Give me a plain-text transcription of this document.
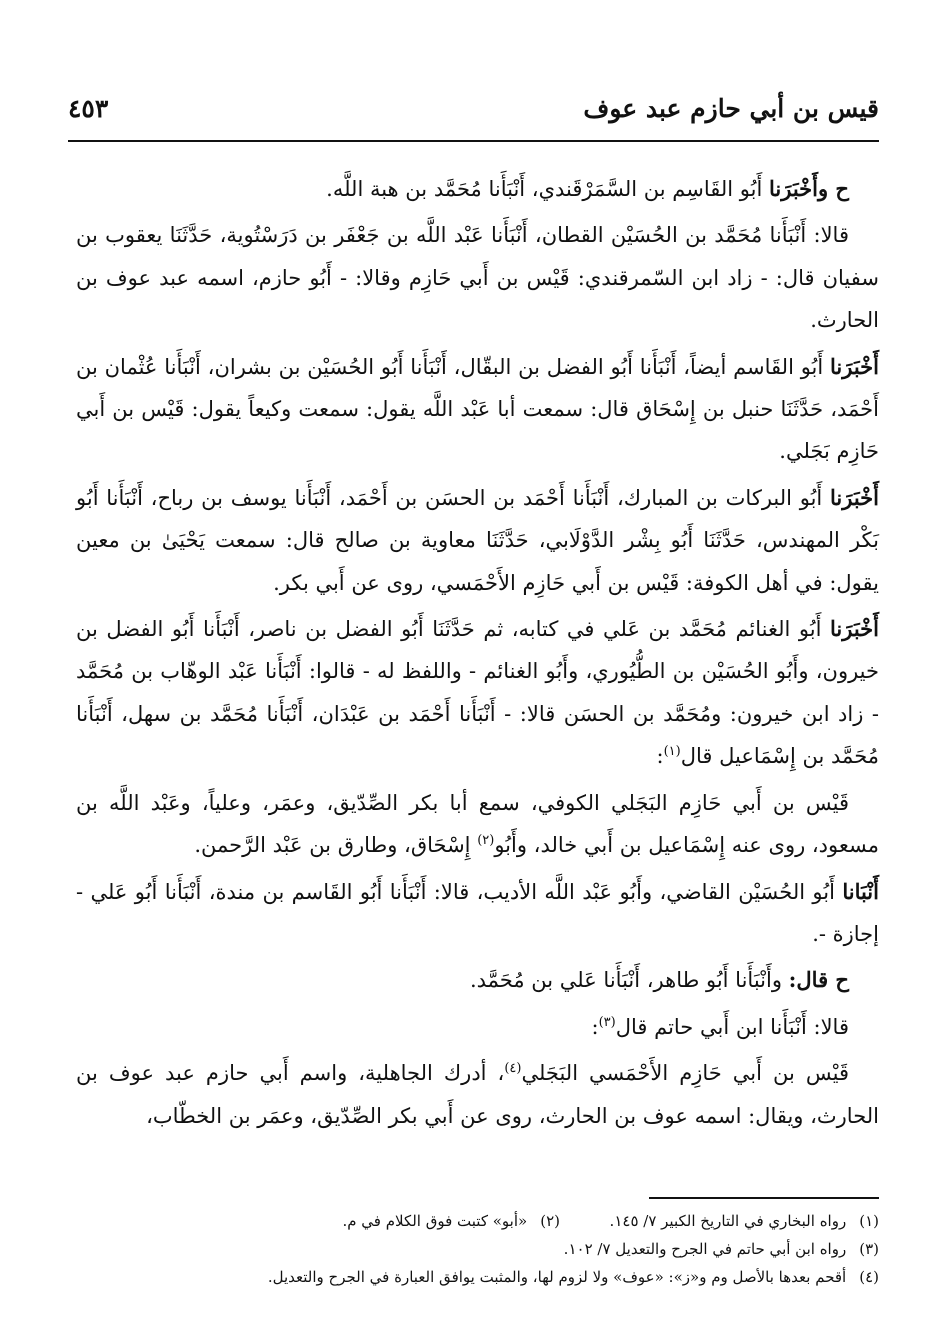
قيس بن أبي حازم عبد عوف
٤٥٣

ح وأَخْبَرَنا أَبُو القَاسِم بن السَّمَرْقَندي، أَنْبَأَنا مُحَمَّد بن هبة اللَّه.

قالا: أَنْبَأَنا مُحَمَّد بن الحُسَيْن القطان، أَنْبَأَنا عَبْد اللَّه بن جَعْفَر بن دَرَسْتُوية، حَدَّثَنَا يعقوب بن سفيان قال: - زاد ابن السّمرقندي: قَيْس بن أَبي حَازِم وقالا: - أَبُو حازم، اسمه عبد عوف بن الحارث.

أَخْبَرَنا أَبُو القَاسم أيضاً، أَنْبَأَنا أَبُو الفضل بن البقّال، أَنْبَأَنا أَبُو الحُسَيْن بن بشران، أَنْبَأَنا عُثْمان بن أَحْمَد، حَدَّثَنَا حنبل بن إِسْحَاق قال: سمعت أبا عَبْد اللَّه يقول: سمعت وكيعاً يقول: قَيْس بن أَبي حَازِم بَجَلي.

أَخْبَرَنا أَبُو البركات بن المبارك، أَنْبَأَنا أَحْمَد بن الحسَن بن أَحْمَد، أَنْبَأَنا يوسف بن رباح، أَنْبَأَنا أَبُو بَكْر المهندس، حَدَّثَنَا أَبُو بِشْر الدَّوْلَابي، حَدَّثَنَا معاوية بن صالح قال: سمعت يَحْيَىٰ بن معين يقول: في أهل الكوفة: قَيْس بن أَبي حَازِم الأَحْمَسي، روى عن أَبي بكر.

أَخْبَرَنا أَبُو الغنائم مُحَمَّد بن عَلي في كتابه، ثم حَدَّثَنَا أَبُو الفضل بن ناصر، أَنْبَأَنا أَبُو الفضل بن خيرون، وأَبُو الحُسَيْن بن الطُّيُوري، وأَبُو الغنائم - واللفظ له - قالوا: أَنْبَأَنا عَبْد الوهّاب بن مُحَمَّد - زاد ابن خيرون: ومُحَمَّد بن الحسَن قالا: - أَنْبَأَنا أَحْمَد بن عَبْدَان، أَنْبَأَنا مُحَمَّد بن سهل، أَنْبَأَنا مُحَمَّد بن إِسْمَاعيل قال$^{(١)}$:

قَيْس بن أَبي حَازِم البَجَلي الكوفي، سمع أبا بكر الصِّدّيق، وعمَر، وعلياً، وعَبْد اللَّه بن مسعود، روى عنه إِسْمَاعيل بن أَبي خالد، وأَبُو$^{(٢)}$ إِسْحَاق، وطارق بن عَبْد الرَّحمن.

أَنْبَانا أَبُو الحُسَيْن القاضي، وأَبُو عَبْد اللَّه الأديب، قالا: أَنْبَأَنا أَبُو القَاسم بن مندة، أَنْبَأَنا أَبُو عَلي - إجازة -.

ح قال: وأَنْبَأَنا أَبُو طاهر، أَنْبَأَنا عَلي بن مُحَمَّد.

قالا: أَنْبَأَنا ابن أَبي حاتم قال$^{(٣)}$:

قَيْس بن أَبي حَازِم الأَحْمَسي البَجَلي$^{(٤)}$، أدرك الجاهلية، واسم أَبي حازم عبد عوف بن الحارث، ويقال: اسمه عوف بن الحارث، روى عن أَبي بكر الصِّدّيق، وعمَر بن الخطّاب،

(١) رواه البخاري في التاريخ الكبير ٧/ ١٤٥.  (٢) «أبو» كتبت فوق الكلام في م.
(٣) رواه ابن أبي حاتم في الجرح والتعديل ٧/ ١٠٢.
(٤) أقحم بعدها بالأصل وم و«ز»: «عوف» ولا لزوم لها، والمثبت يوافق العبارة في الجرح والتعديل.
